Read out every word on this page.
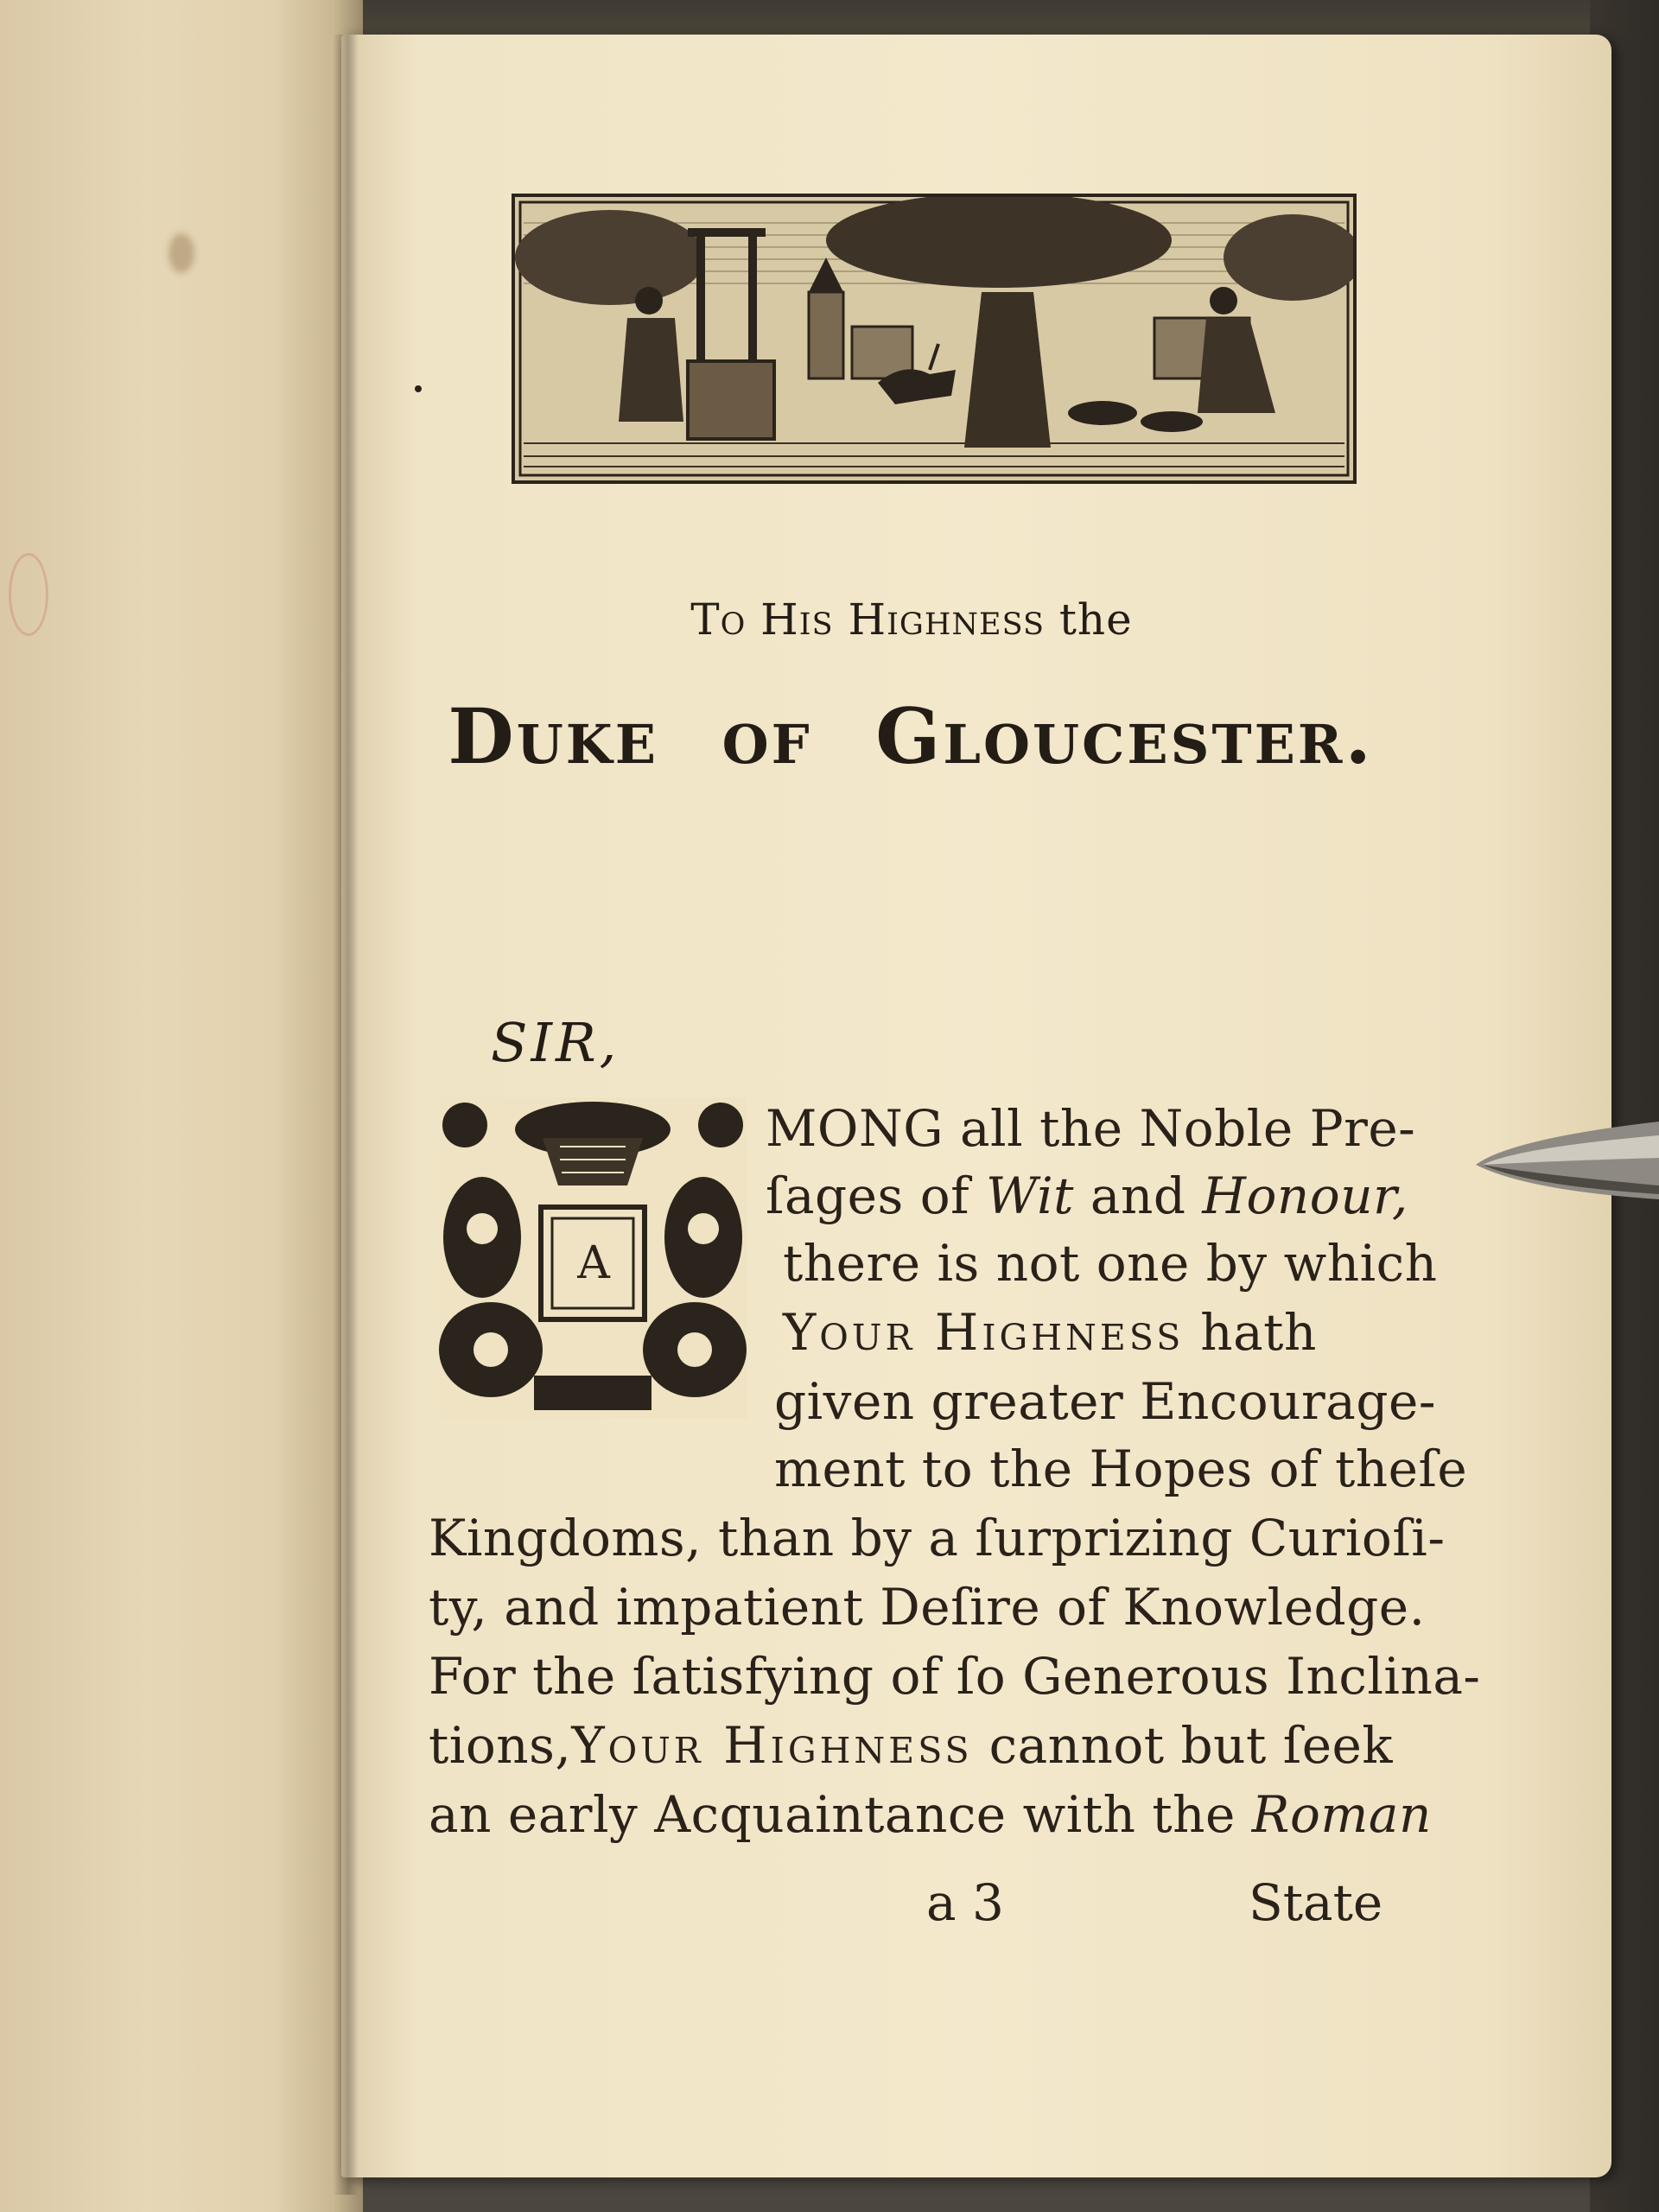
To His Highness the
Duke of Gloucester.
SIR,
A
MONG all the Noble Pre-
ſages of Wit and Honour,
there is not one by which
Your Highness hath
given greater Encourage-
ment to the Hopes of theſe
Kingdoms, than by a ſurprizing Curioſi-
ty, and impatient Deſire of Knowledge.
For the ſatisfying of ſo Generous Inclina-
tions,Your Highness cannot but ſeek
an early Acquaintance with the Roman
a 3	State
